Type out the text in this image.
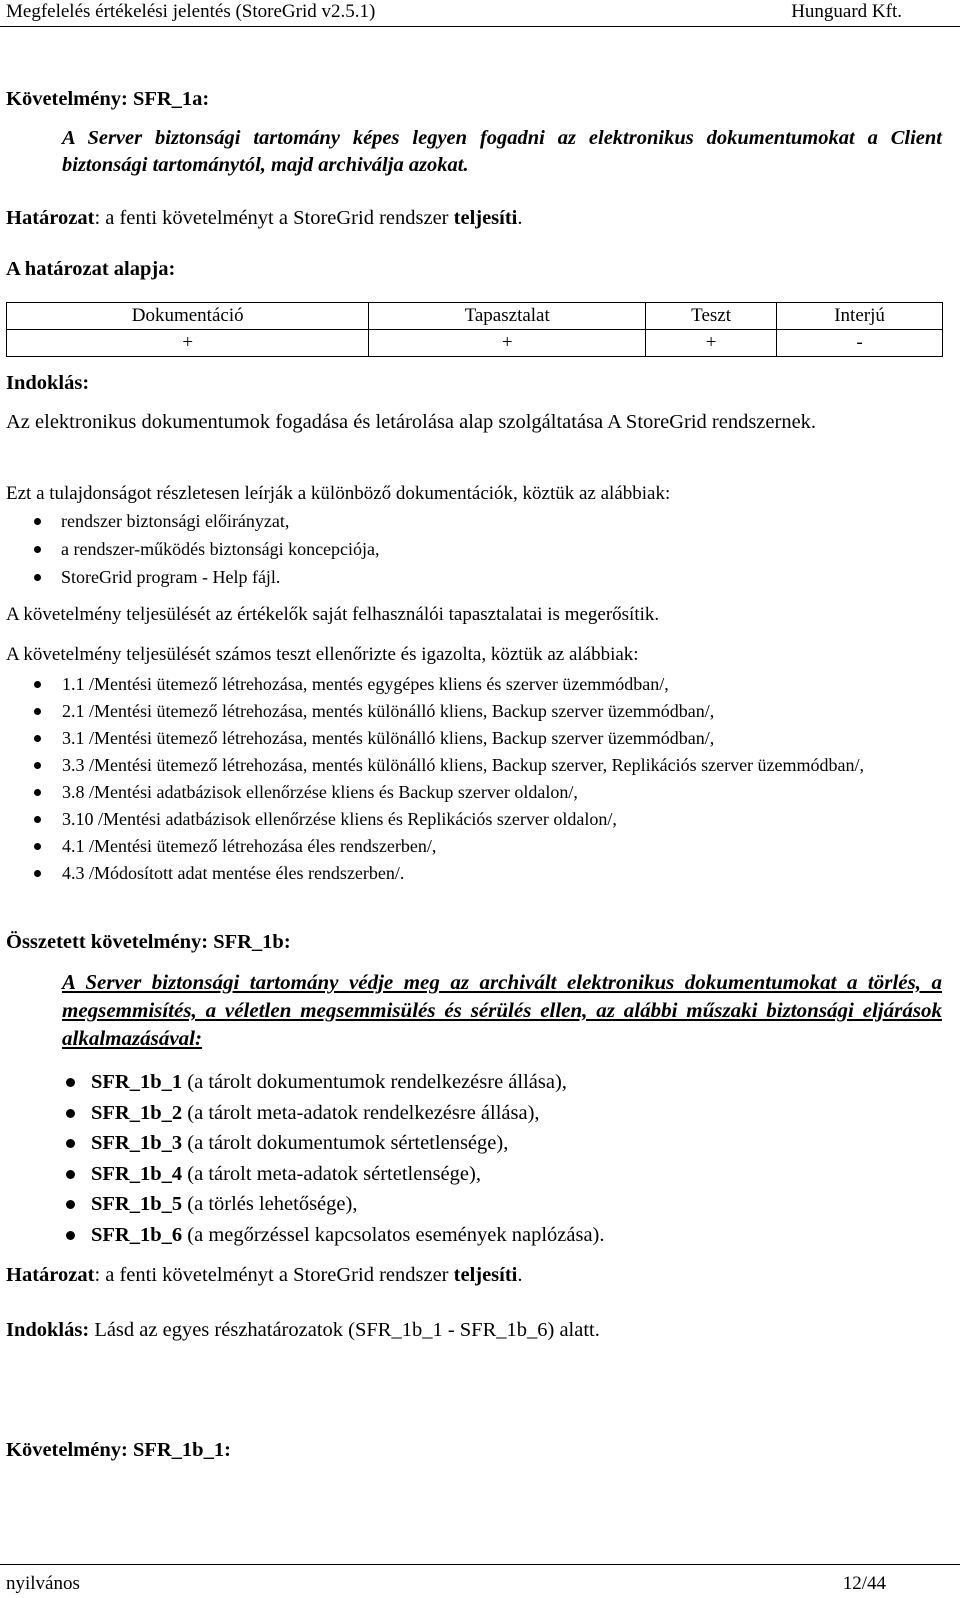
Megfelelés értékelési jelentés (StoreGrid v2.5.1)	Hunguard Kft.
Követelmény: SFR_1a:
A Server biztonsági tartomány képes legyen fogadni az elektronikus dokumentumokat a Client biztonsági tartománytól, majd archiválja azokat.
Határozat: a fenti követelményt a StoreGrid rendszer teljesíti.
A határozat alapja:
Dokumentáció	Tapasztalat	Teszt	Interjú
+	+	+	-
Indoklás:
Az elektronikus dokumentumok fogadása és letárolása alap szolgáltatása A StoreGrid rendszernek.
Ezt a tulajdonságot részletesen leírják a különböző dokumentációk, köztük az alábbiak:
rendszer biztonsági előirányzat,
a rendszer-működés biztonsági koncepciója,
StoreGrid program - Help fájl.
A követelmény teljesülését az értékelők saját felhasználói tapasztalatai is megerősítik.
A követelmény teljesülését számos teszt ellenőrizte és igazolta, köztük az alábbiak:
1.1 /Mentési ütemező létrehozása, mentés egygépes kliens és szerver üzemmódban/,
2.1 /Mentési ütemező létrehozása, mentés különálló kliens, Backup szerver üzemmódban/,
3.1 /Mentési ütemező létrehozása, mentés különálló kliens, Backup szerver üzemmódban/,
3.3 /Mentési ütemező létrehozása, mentés különálló kliens, Backup szerver, Replikációs szerver üzemmódban/,
3.8 /Mentési adatbázisok ellenőrzése kliens és Backup szerver oldalon/,
3.10 /Mentési adatbázisok ellenőrzése kliens és Replikációs szerver oldalon/,
4.1 /Mentési ütemező létrehozása éles rendszerben/,
4.3 /Módosított adat mentése éles rendszerben/.
Összetett követelmény: SFR_1b:
A Server biztonsági tartomány védje meg az archivált elektronikus dokumentumokat a törlés, a megsemmisítés, a véletlen megsemmisülés és sérülés ellen, az alábbi műszaki biztonsági eljárások alkalmazásával:
SFR_1b_1 (a tárolt dokumentumok rendelkezésre állása),
SFR_1b_2 (a tárolt meta-adatok rendelkezésre állása),
SFR_1b_3 (a tárolt dokumentumok sértetlensége),
SFR_1b_4 (a tárolt meta-adatok sértetlensége),
SFR_1b_5 (a törlés lehetősége),
SFR_1b_6 (a megőrzéssel kapcsolatos események naplózása).
Határozat: a fenti követelményt a StoreGrid rendszer teljesíti.
Indoklás: Lásd az egyes részhatározatok (SFR_1b_1 - SFR_1b_6) alatt.
Követelmény: SFR_1b_1:
nyilvános	12/44
